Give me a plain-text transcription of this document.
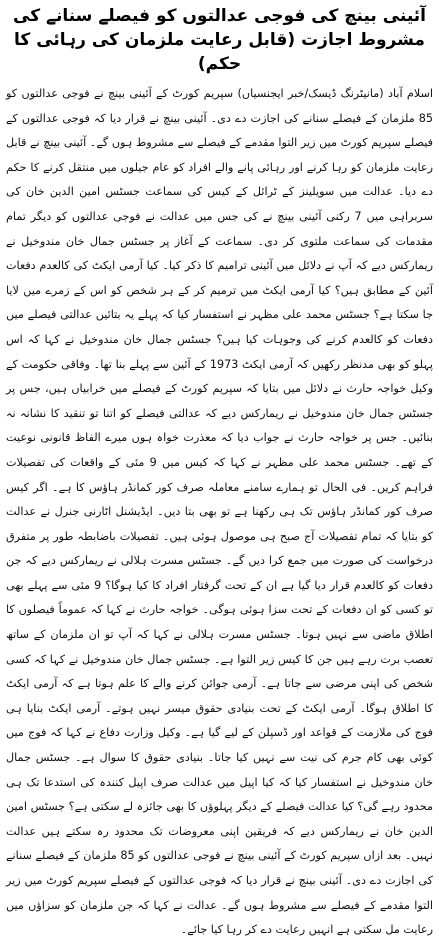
آئینی بینچ کی فوجی عدالتوں کو فیصلے سنانے کی مشروط اجازت (قابل رعایت ملزمان کی رہائی کا حکم)

اسلام آباد (مانیٹرنگ ڈیسک/خبر ایجنسیاں) سپریم کورٹ کے آئینی بینچ نے فوجی عدالتوں کو 85 ملزمان کے فیصلے سنانے کی اجازت دے دی۔ آئینی بینچ نے قرار دیا کہ فوجی عدالتوں کے فیصلے سپریم کورٹ میں زیر التوا مقدمے کے فیصلے سے مشروط ہوں گے۔ آئینی بینچ نے قابل رعایت ملزمان کو رہا کرنے اور رہائی پانے والے افراد کو عام جیلوں میں منتقل کرنے کا حکم دے دیا۔ عدالت میں سویلینز کے ٹرائل کے کیس کی سماعت جسٹس امین الدین خان کی سربراہی میں 7 رکنی آئینی بینچ نے کی جس میں عدالت نے فوجی عدالتوں کو دیگر تمام مقدمات کی سماعت ملتوی کر دی۔ سماعت کے آغاز پر جسٹس جمال خان مندوخیل نے ریمارکس دیے کہ آپ نے دلائل میں آئینی ترامیم کا ذکر کیا۔ کیا آرمی ایکٹ کی کالعدم دفعات آئین کے مطابق ہیں؟ کیا آرمی ایکٹ میں ترمیم کر کے ہر شخص کو اس کے زمرے میں لایا جا سکتا ہے؟ جسٹس محمد علی مظہر نے استفسار کیا کہ پہلے یہ بتائیں عدالتی فیصلے میں دفعات کو کالعدم کرنے کی وجوہات کیا ہیں؟ جسٹس جمال خان مندوخیل نے کہا کہ اس پہلو کو بھی مدنظر رکھیں کہ آرمی ایکٹ 1973 کے آئین سے پہلے بنا تھا۔ وفاقی حکومت کے وکیل خواجہ حارث نے دلائل میں بتایا کہ سپریم کورٹ کے فیصلے میں خرابیاں ہیں، جس پر جسٹس جمال خان مندوخیل نے ریمارکس دیے کہ عدالتی فیصلے کو اتنا تو تنقید کا نشانہ نہ بنائیں۔ جس پر خواجہ حارث نے جواب دیا کہ معذرت خواہ ہوں میرے الفاظ قانونی نوعیت کے تھے۔ جسٹس محمد علی مظہر نے کہا کہ کیس میں 9 مئی کے واقعات کی تفصیلات فراہم کریں۔ فی الحال تو ہمارے سامنے معاملہ صرف کور کمانڈر ہاؤس کا ہے۔ اگر کیس صرف کور کمانڈر ہاؤس تک ہی رکھنا ہے تو بھی بتا دیں۔ ایڈیشنل اٹارنی جنرل نے عدالت کو بتایا کہ تمام تفصیلات آج صبح ہی موصول ہوئی ہیں۔ تفصیلات باضابطہ طور پر متفرق درخواست کی صورت میں جمع کرا دیں گے۔ جسٹس مسرت ہلالی نے ریمارکس دیے کہ جن دفعات کو کالعدم قرار دیا گیا ہے ان کے تحت گرفتار افراد کا کیا ہوگا؟ 9 مئی سے پہلے بھی تو کسی کو ان دفعات کے تحت سزا ہوئی ہوگی۔ خواجہ حارث نے کہا کہ عموماً فیصلوں کا اطلاق ماضی سے نہیں ہوتا۔ جسٹس مسرت ہلالی نے کہا کہ آپ تو ان ملزمان کے ساتھ تعصب برت رہے ہیں جن کا کیس زیر التوا ہے۔ جسٹس جمال خان مندوخیل نے کہا کہ کسی شخص کی اپنی مرضی سے جاتا ہے۔ آرمی جوائن کرنے والے کا علم ہوتا ہے کہ آرمی ایکٹ کا اطلاق ہوگا۔ آرمی ایکٹ کے تحت بنیادی حقوق میسر نہیں ہوتے۔ آرمی ایکٹ بنایا ہی فوج کی ملازمت کے قواعد اور ڈسپلن کے لیے گیا ہے۔ وکیل وزارت دفاع نے کہا کہ فوج میں کوئی بھی کام جرم کی نیت سے نہیں کیا جاتا۔ بنیادی حقوق کا سوال ہے۔ جسٹس جمال خان مندوخیل نے استفسار کیا کہ کیا اپیل میں عدالت صرف اپیل کنندہ کی استدعا تک ہی محدود رہے گی؟ کیا عدالت فیصلے کے دیگر پہلوؤں کا بھی جائزہ لے سکتی ہے؟ جسٹس امین الدین خان نے ریمارکس دیے کہ فریقین اپنی معروضات تک محدود رہ سکتے ہیں عدالت نہیں۔ بعد ازاں سپریم کورٹ کے آئینی بینچ نے فوجی عدالتوں کو 85 ملزمان کے فیصلے سنانے کی اجازت دے دی۔ آئینی بینچ نے قرار دیا کہ فوجی عدالتوں کے فیصلے سپریم کورٹ میں زیر التوا مقدمے کے فیصلے سے مشروط ہوں گے۔ عدالت نے کہا کہ جن ملزمان کو سزاؤں میں رعایت مل سکتی ہے انہیں رعایت دے کر رہا کیا جائے۔
